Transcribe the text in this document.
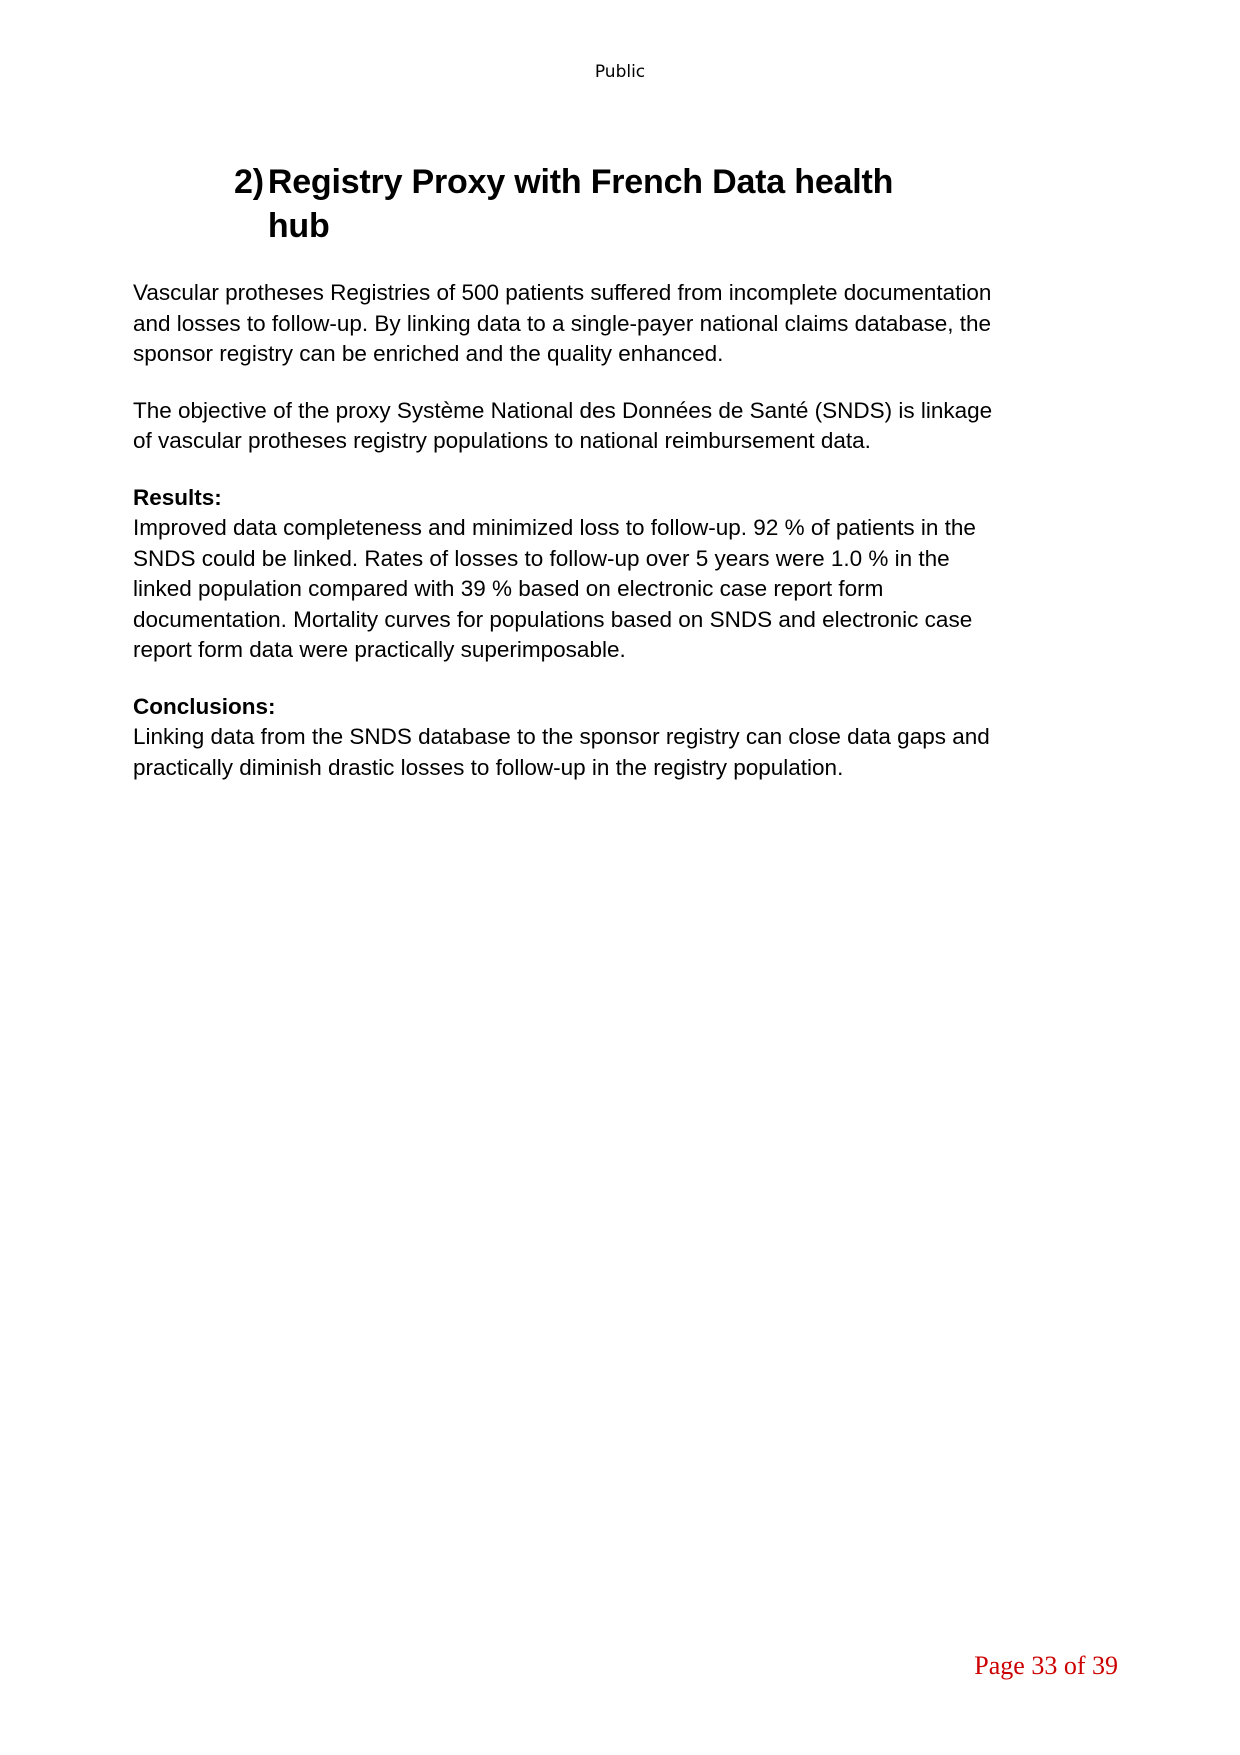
Public
2) Registry Proxy with French Data health hub

Vascular protheses Registries of 500 patients suffered from incomplete documentation and losses to follow-up. By linking data to a single-payer national claims database, the sponsor registry can be enriched and the quality enhanced.

The objective of the proxy Système National des Données de Santé (SNDS) is linkage of vascular protheses registry populations to national reimbursement data.

Results:

Improved data completeness and minimized loss to follow-up. 92 % of patients in the SNDS could be linked. Rates of losses to follow-up over 5 years were 1.0 % in the linked population compared with 39 % based on electronic case report form documentation. Mortality curves for populations based on SNDS and electronic case report form data were practically superimposable.

Conclusions:

Linking data from the SNDS database to the sponsor registry can close data gaps and practically diminish drastic losses to follow-up in the registry population.

Page 33 of 39
